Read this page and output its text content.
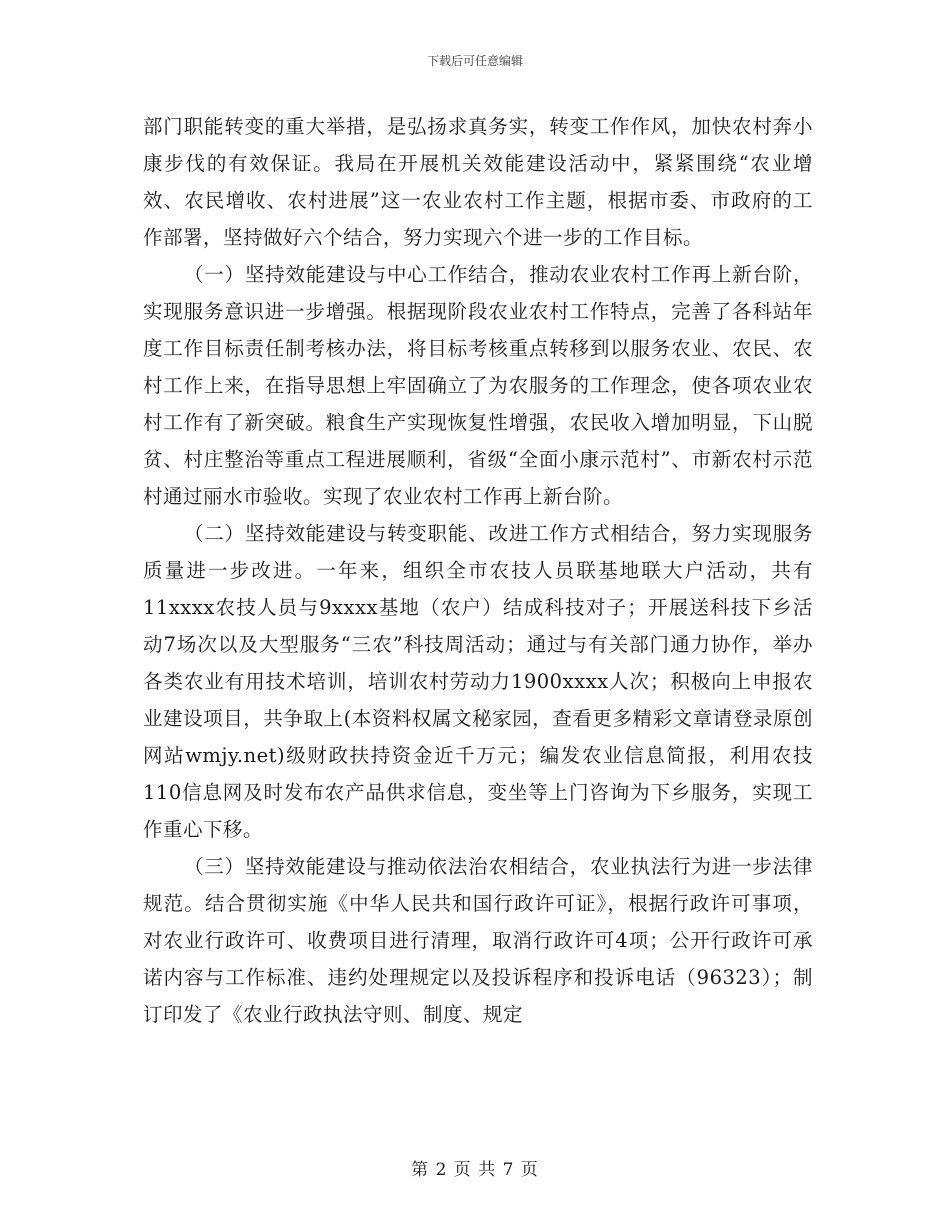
下载后可任意编辑

部门职能转变的重大举措，是弘扬求真务实，转变工作作风，加快农村奔小康步伐的有效保证。我局在开展机关效能建设活动中，紧紧围绕“农业增效、农民增收、农村进展”这一农业农村工作主题，根据市委、市政府的工作部署，坚持做好六个结合，努力实现六个进一步的工作目标。

（一）坚持效能建设与中心工作结合，推动农业农村工作再上新台阶，实现服务意识进一步增强。根据现阶段农业农村工作特点，完善了各科站年度工作目标责任制考核办法，将目标考核重点转移到以服务农业、农民、农村工作上来，在指导思想上牢固确立了为农服务的工作理念，使各项农业农村工作有了新突破。粮食生产实现恢复性增强，农民收入增加明显，下山脱贫、村庄整治等重点工程进展顺利，省级“全面小康示范村”、市新农村示范村通过丽水市验收。实现了农业农村工作再上新台阶。

（二）坚持效能建设与转变职能、改进工作方式相结合，努力实现服务质量进一步改进。一年来，组织全市农技人员联基地联大户活动，共有11xxxx农技人员与9xxxx基地（农户）结成科技对子；开展送科技下乡活动7场次以及大型服务“三农”科技周活动；通过与有关部门通力协作，举办各类农业有用技术培训，培训农村劳动力1900xxxx人次；积极向上申报农业建设项目，共争取上(本资料权属文秘家园，查看更多精彩文章请登录原创网站wmjy.net)级财政扶持资金近千万元；编发农业信息简报，利用农技110信息网及时发布农产品供求信息，变坐等上门咨询为下乡服务，实现工作重心下移。

（三）坚持效能建设与推动依法治农相结合，农业执法行为进一步法律规范。结合贯彻实施《中华人民共和国行政许可证》，根据行政许可事项，对农业行政许可、收费项目进行清理，取消行政许可4项；公开行政许可承诺内容与工作标准、违约处理规定以及投诉程序和投诉电话（96323）；制订印发了《农业行政执法守则、制度、规定

第 2 页 共 7 页
